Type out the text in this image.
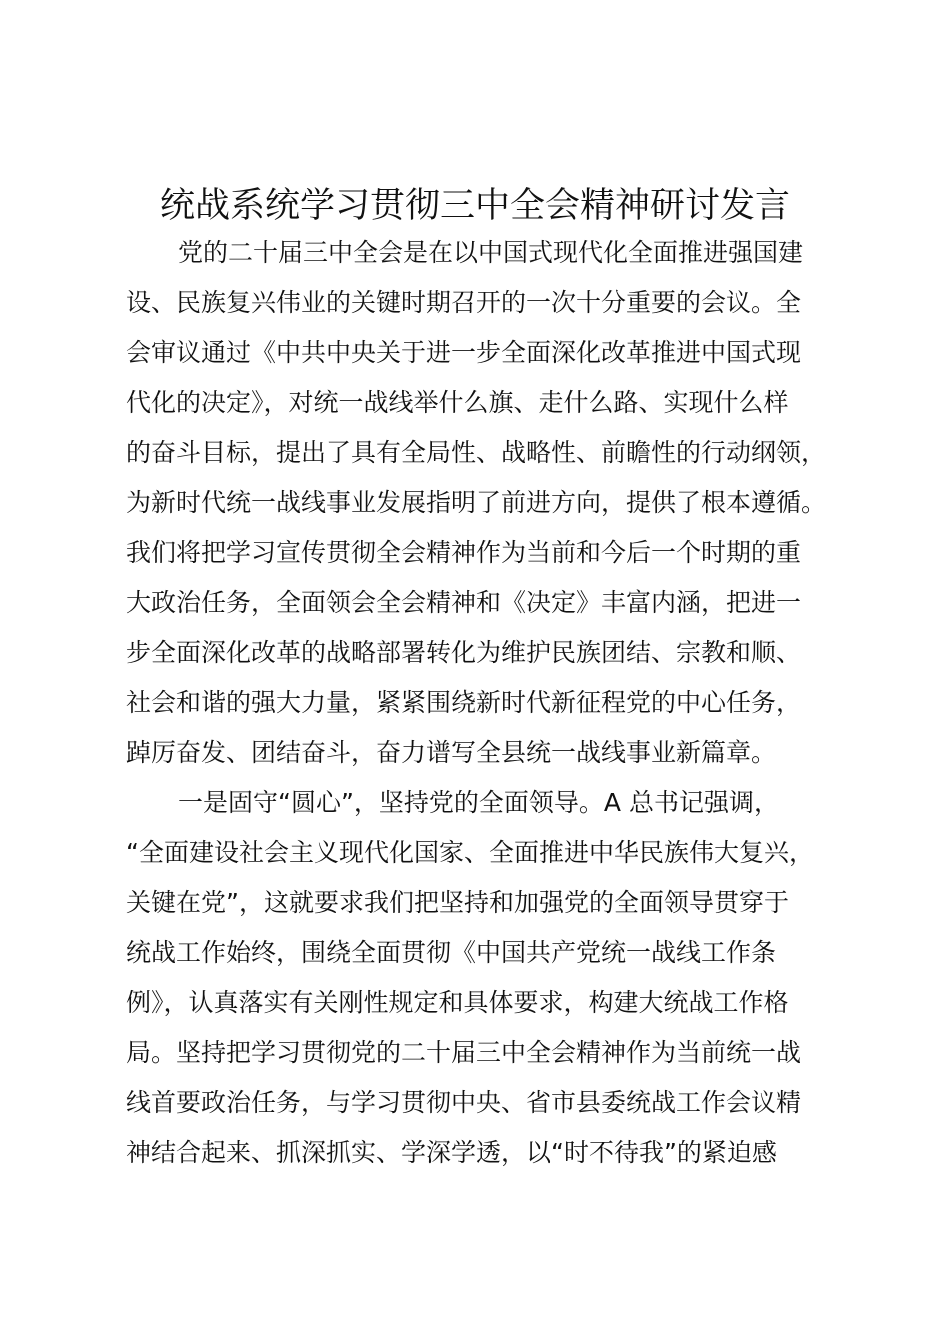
统战系统学习贯彻三中全会精神研讨发言
党的二十届三中全会是在以中国式现代化全面推进强国建
设、民族复兴伟业的关键时期召开的一次十分重要的会议。全
会审议通过《中共中央关于进一步全面深化改革推进中国式现
代化的决定》，对统一战线举什么旗、走什么路、实现什么样
的奋斗目标，提出了具有全局性、战略性、前瞻性的行动纲领，
为新时代统一战线事业发展指明了前进方向，提供了根本遵循。
我们将把学习宣传贯彻全会精神作为当前和今后一个时期的重
大政治任务，全面领会全会精神和《决定》丰富内涵，把进一
步全面深化改革的战略部署转化为维护民族团结、宗教和顺、
社会和谐的强大力量，紧紧围绕新时代新征程党的中心任务，
踔厉奋发、团结奋斗，奋力谱写全县统一战线事业新篇章。
一是固守“圆心”，坚持党的全面领导。A 总书记强调，
“全面建设社会主义现代化国家、全面推进中华民族伟大复兴，
关键在党”，这就要求我们把坚持和加强党的全面领导贯穿于
统战工作始终，围绕全面贯彻《中国共产党统一战线工作条
例》，认真落实有关刚性规定和具体要求，构建大统战工作格
局。坚持把学习贯彻党的二十届三中全会精神作为当前统一战
线首要政治任务，与学习贯彻中央、省市县委统战工作会议精
神结合起来、抓深抓实、学深学透，以“时不待我”的紧迫感
